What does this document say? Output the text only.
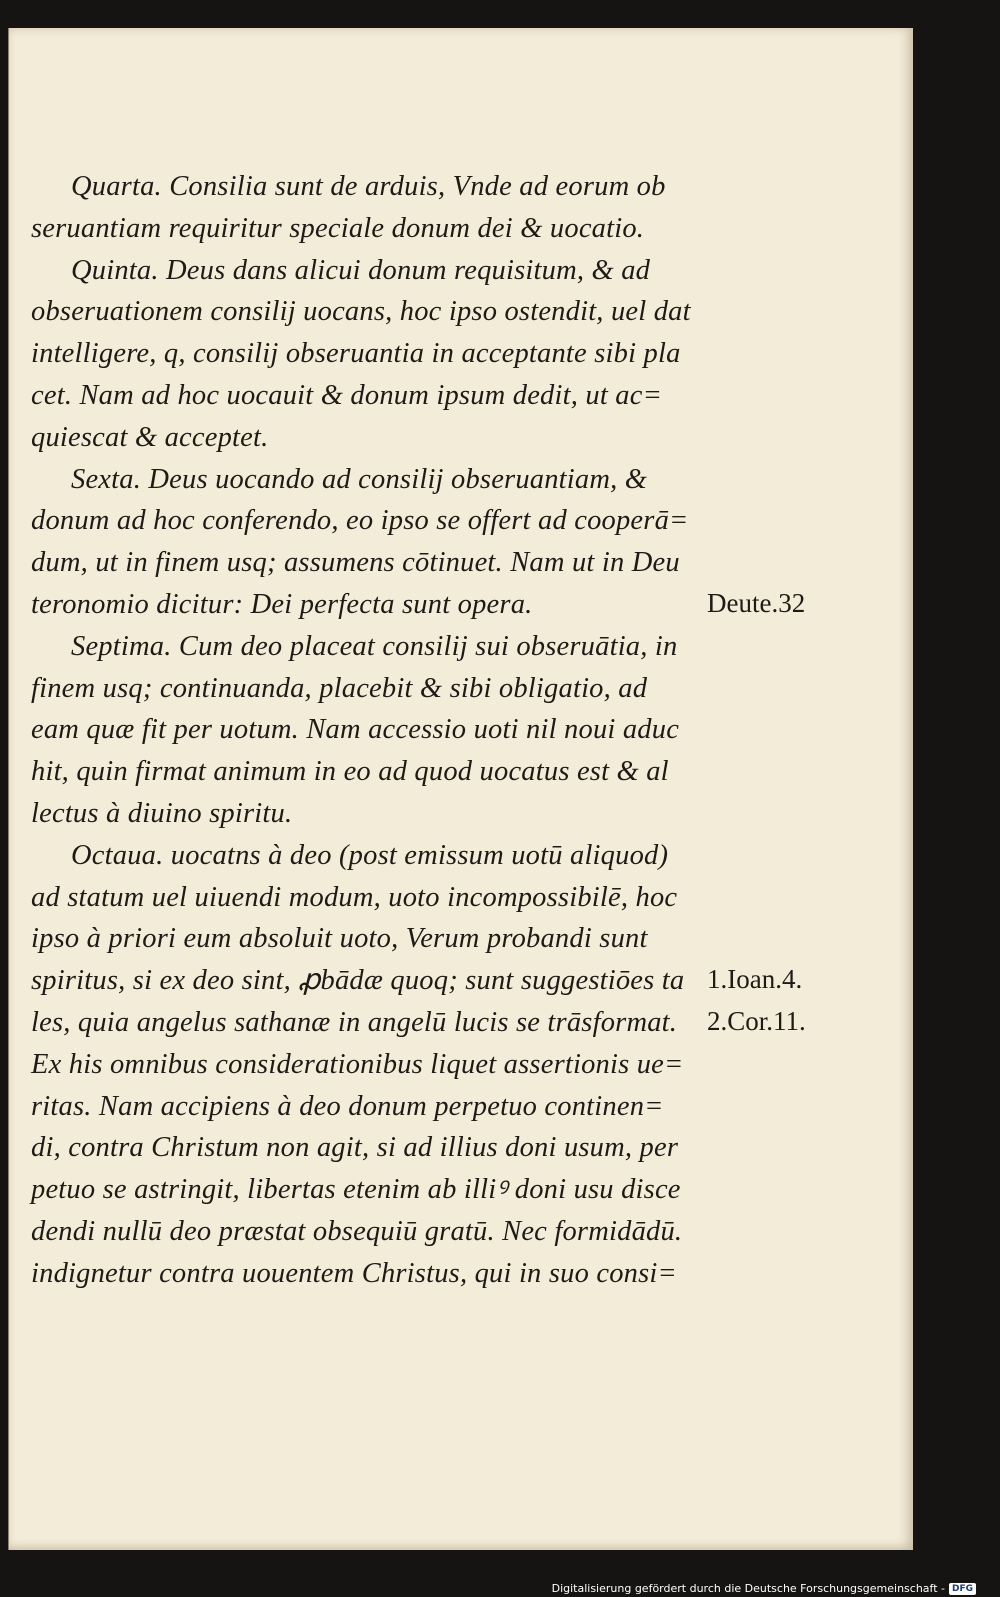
Quarta. Consilia sunt de arduis, Vnde ad eorum ob
seruantiam requiritur speciale donum dei & uocatio.
Quinta. Deus dans alicui donum requisitum, & ad
obseruationem consilij uocans, hoc ipso ostendit, uel dat
intelligere, q, consilij obseruantia in acceptante sibi pla
cet. Nam ad hoc uocauit & donum ipsum dedit, ut ac=
quiescat & acceptet.
Sexta. Deus uocando ad consilij obseruantiam, &
donum ad hoc conferendo, eo ipso se offert ad cooperā=
dum, ut in finem usq; assumens cōtinuet. Nam ut in Deu
teronomio dicitur: Dei perfecta sunt opera.
Septima. Cum deo placeat consilij sui obseruātia, in
finem usq; continuanda, placebit & sibi obligatio, ad
eam quæ fit per uotum. Nam accessio uoti nil noui aduc
hit, quin firmat animum in eo ad quod uocatus est & al
lectus à diuino spiritu.
Octaua. uocatns à deo (post emissum uotū aliquod)
ad statum uel uiuendi modum, uoto incompossibilē, hoc
ipso à priori eum absoluit uoto, Verum probandi sunt
spiritus, si ex deo sint, ꝓbādæ quoq; sunt suggestiōes ta
les, quia angelus sathanæ in angelū lucis se trāsformat.
Ex his omnibus considerationibus liquet assertionis ue=
ritas. Nam accipiens à deo donum perpetuo continen=
di, contra Christum non agit, si ad illius doni usum, per
petuo se astringit, libertas etenim ab illiꝰ doni usu disce
dendi nullū deo præstat obsequiū gratū. Nec formidādū.
indignetur contra uouentem Christus, qui in suo consi=
Deute.32
1.Ioan.4.
2.Cor.11.
Digitalisierung gefördert durch die Deutsche Forschungsgemeinschaft - DFG
